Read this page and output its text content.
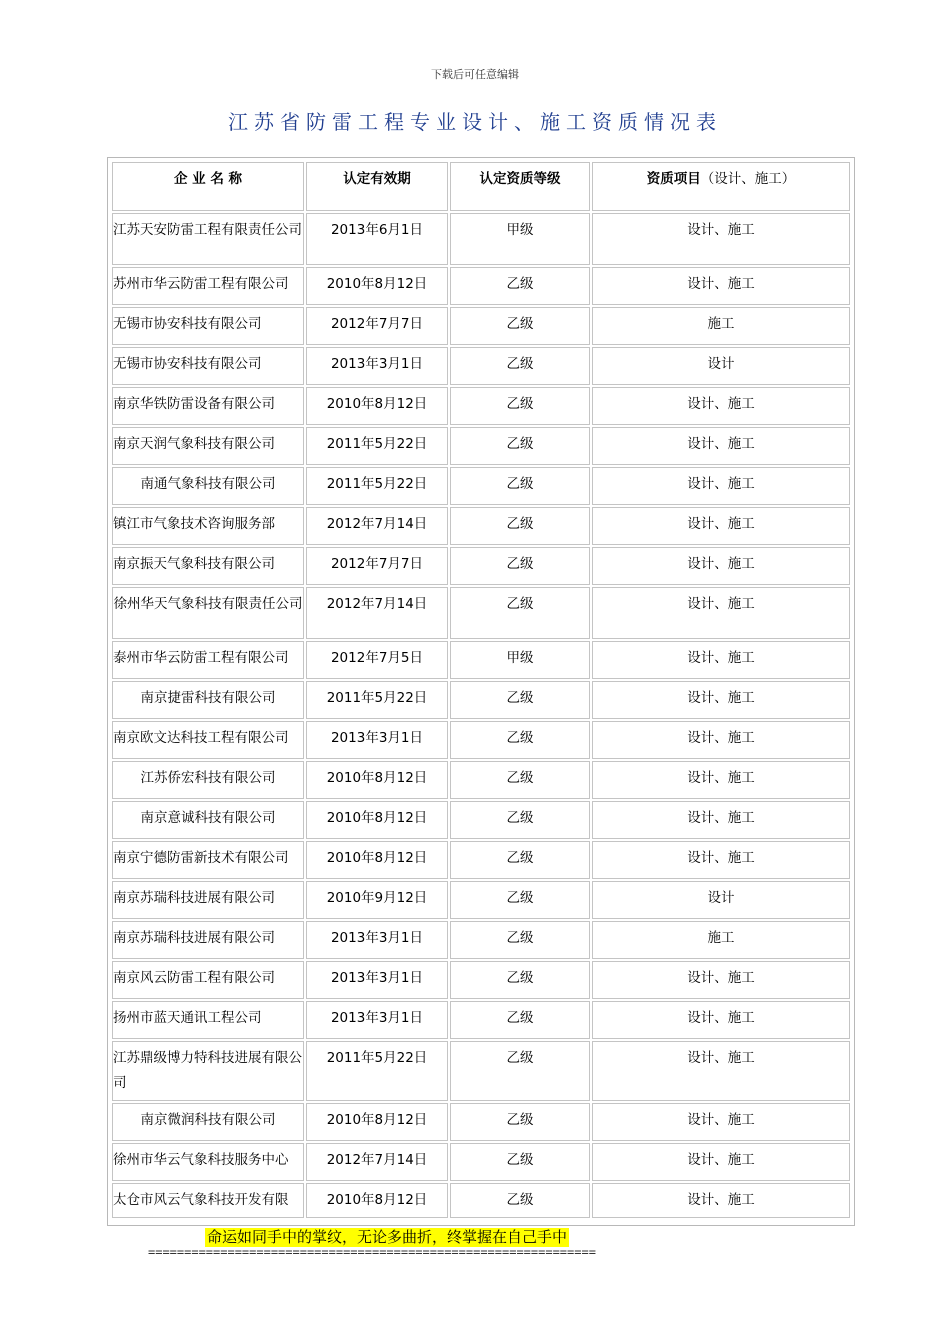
下载后可任意编辑
江苏省防雷工程专业设计、施工资质情况表
企 业 名 称	认定有效期	认定资质等级	资质项目（设计、施工）
江苏天安防雷工程有限责任公司	2013年6月1日	甲级	设计、施工
苏州市华云防雷工程有限公司	2010年8月12日	乙级	设计、施工
无锡市协安科技有限公司	2012年7月7日	乙级	施工
无锡市协安科技有限公司	2013年3月1日	乙级	设计
南京华铁防雷设备有限公司	2010年8月12日	乙级	设计、施工
南京天润气象科技有限公司	2011年5月22日	乙级	设计、施工
南通气象科技有限公司	2011年5月22日	乙级	设计、施工
镇江市气象技术咨询服务部	2012年7月14日	乙级	设计、施工
南京振天气象科技有限公司	2012年7月7日	乙级	设计、施工
徐州华天气象科技有限责任公司	2012年7月14日	乙级	设计、施工
泰州市华云防雷工程有限公司	2012年7月5日	甲级	设计、施工
南京捷雷科技有限公司	2011年5月22日	乙级	设计、施工
南京欧文达科技工程有限公司	2013年3月1日	乙级	设计、施工
江苏侨宏科技有限公司	2010年8月12日	乙级	设计、施工
南京意诚科技有限公司	2010年8月12日	乙级	设计、施工
南京宁德防雷新技术有限公司	2010年8月12日	乙级	设计、施工
南京苏瑞科技进展有限公司	2010年9月12日	乙级	设计
南京苏瑞科技进展有限公司	2013年3月1日	乙级	施工
南京风云防雷工程有限公司	2013年3月1日	乙级	设计、施工
扬州市蓝天通讯工程公司	2013年3月1日	乙级	设计、施工
江苏鼎级博力特科技进展有限公司	2011年5月22日	乙级	设计、施工
南京微润科技有限公司	2010年8月12日	乙级	设计、施工
徐州市华云气象科技服务中心	2012年7月14日	乙级	设计、施工
太仓市风云气象科技开发有限	2010年8月12日	乙级	设计、施工
命运如同手中的掌纹，无论多曲折，终掌握在自己手中
==============================================================
